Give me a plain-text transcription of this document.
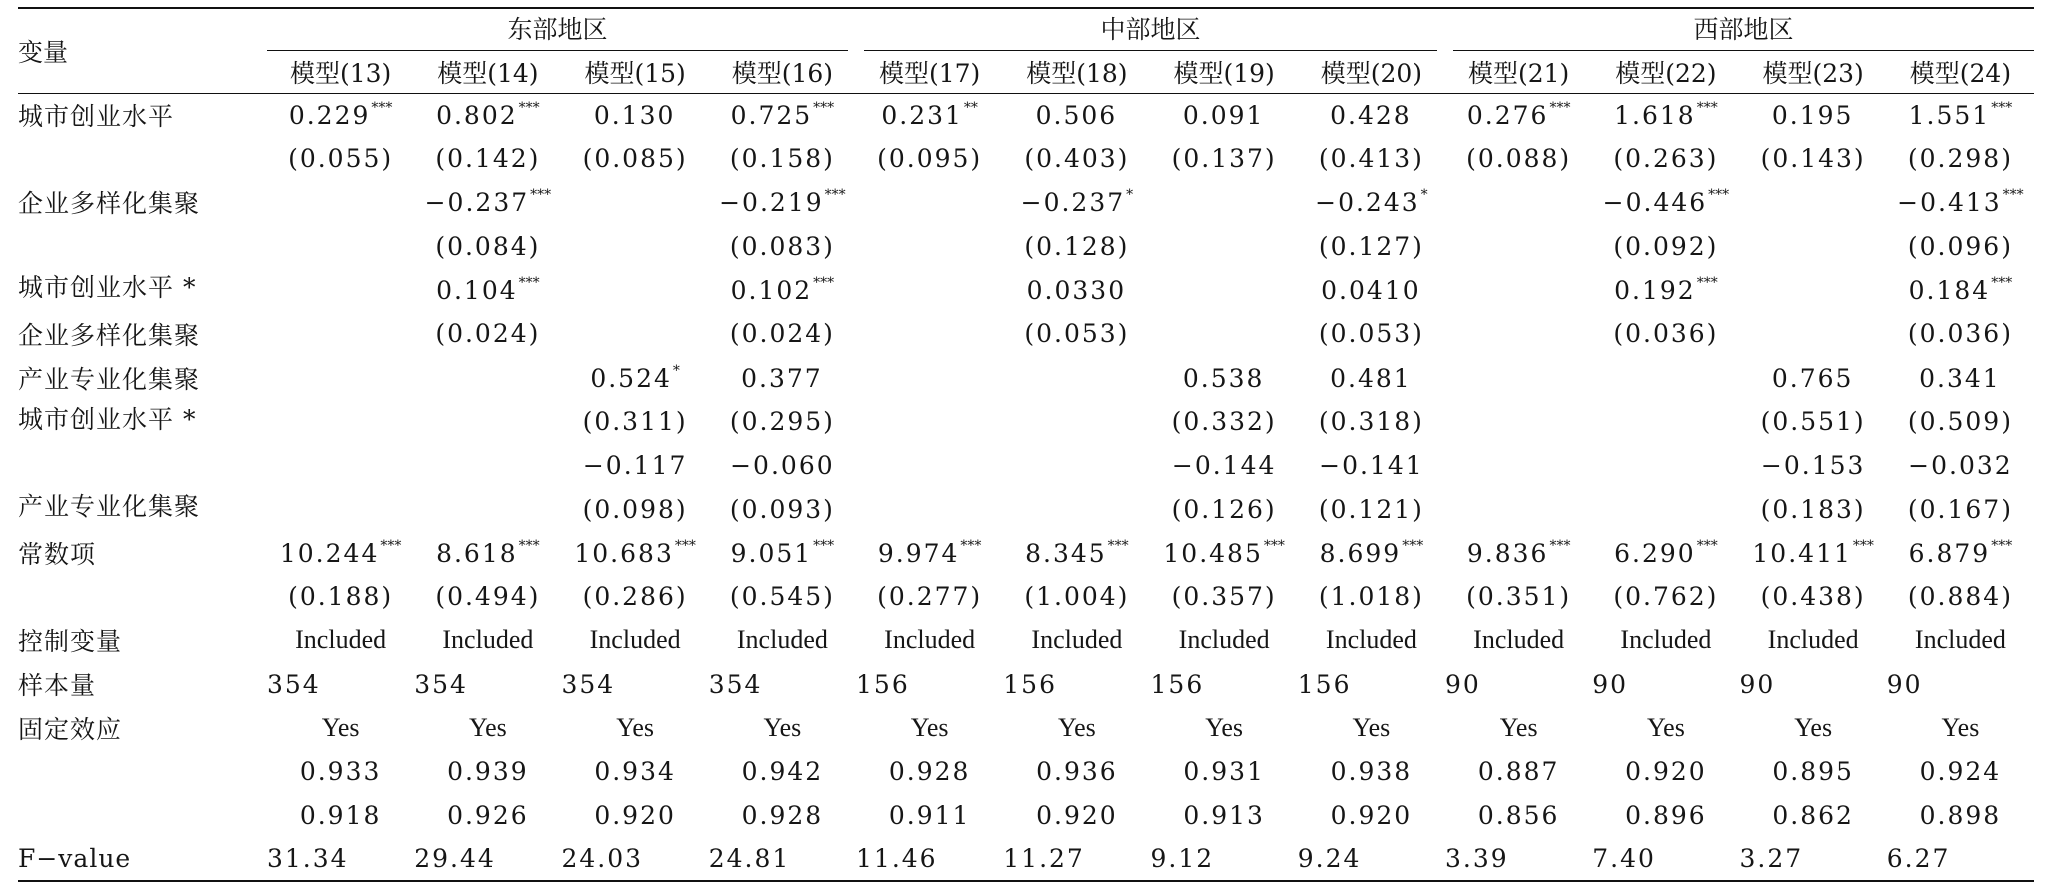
变量	东部地区				中部地区				西部地区			

	模型(13)	模型(14)	模型(15)	模型(16)	模型(17)	模型(18)	模型(19)	模型(20)	模型(21)	模型(22)	模型(23)	模型(24)
城市创业水平	0.229***	0.802***	0.130	0.725***	0.231**	0.506	0.091	0.428	0.276***	1.618***	0.195	1.551***
	(0.055)	(0.142)	(0.085)	(0.158)	(0.095)	(0.403)	(0.137)	(0.413)	(0.088)	(0.263)	(0.143)	(0.298)
企业多样化集聚		−0.237***		−0.219***		−0.237*		−0.243*		−0.446***		−0.413***
		(0.084)		(0.083)		(0.128)		(0.127)		(0.092)		(0.096)
城市创业水平 *		0.104***		0.102***		0.0330		0.0410		0.192***		0.184***
企业多样化集聚		(0.024)		(0.024)		(0.053)		(0.053)		(0.036)		(0.036)
产业专业化集聚			0.524*	0.377			0.538	0.481			0.765	0.341
城市创业水平 *			(0.311)	(0.295)			(0.332)	(0.318)			(0.551)	(0.509)
			−0.117	−0.060			−0.144	−0.141			−0.153	−0.032
产业专业化集聚			(0.098)	(0.093)			(0.126)	(0.121)			(0.183)	(0.167)
常数项	10.244***	8.618***	10.683***	9.051***	9.974***	8.345***	10.485***	8.699***	9.836***	6.290***	10.411***	6.879***
	(0.188)	(0.494)	(0.286)	(0.545)	(0.277)	(1.004)	(0.357)	(1.018)	(0.351)	(0.762)	(0.438)	(0.884)
控制变量	Included	Included	Included	Included	Included	Included	Included	Included	Included	Included	Included	Included
样本量	354	354	354	354	156	156	156	156	90	90	90	90
固定效应	Yes	Yes	Yes	Yes	Yes	Yes	Yes	Yes	Yes	Yes	Yes	Yes
	0.933	0.939	0.934	0.942	0.928	0.936	0.931	0.938	0.887	0.920	0.895	0.924
	0.918	0.926	0.920	0.928	0.911	0.920	0.913	0.920	0.856	0.896	0.862	0.898
F−value	31.34	29.44	24.03	24.81	11.46	11.27	9.12	9.24	3.39	7.40	3.27	6.27
